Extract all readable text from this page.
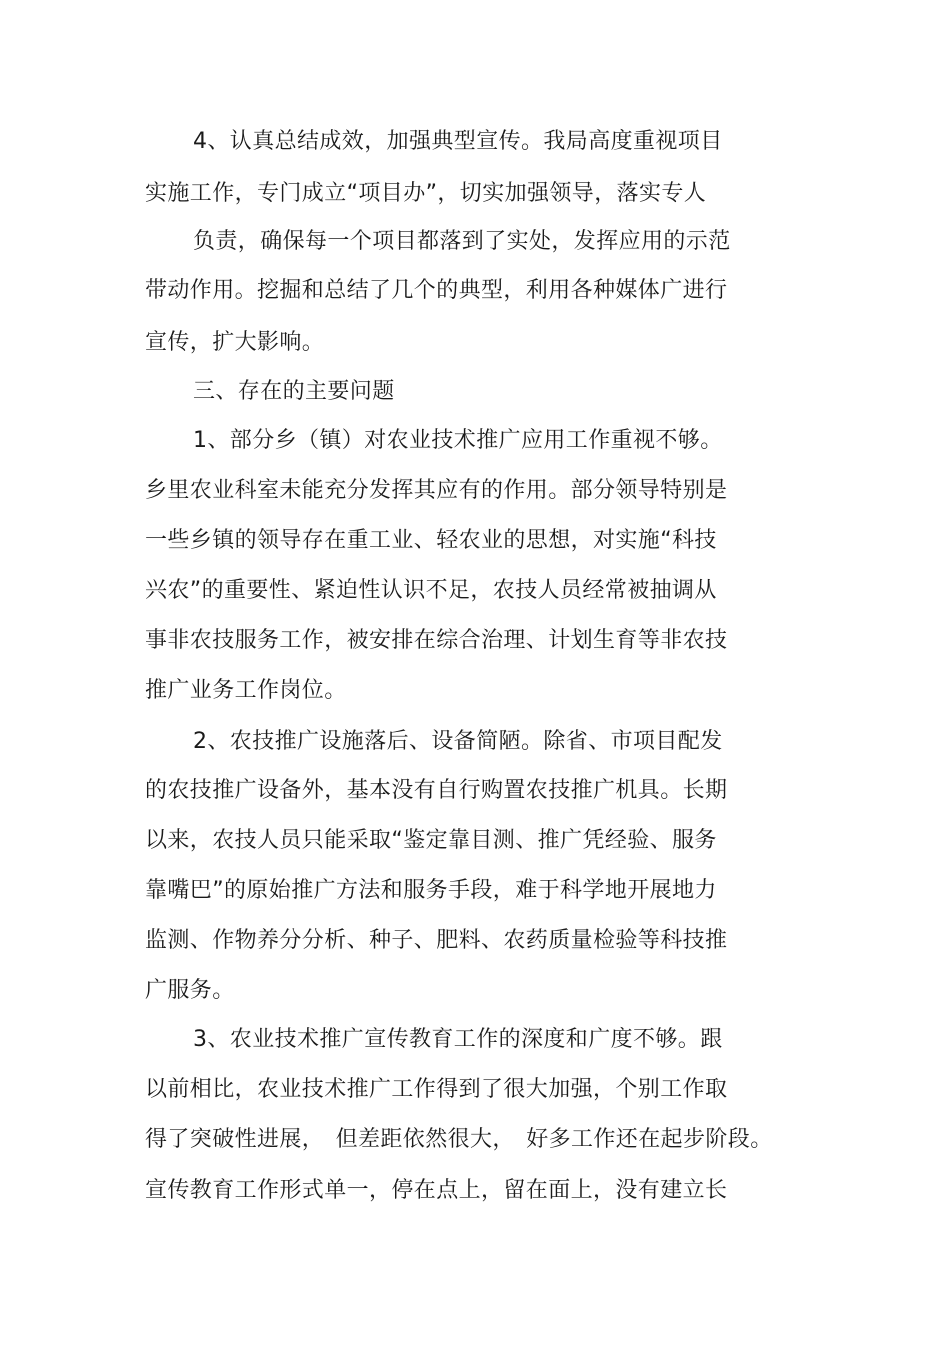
4、认真总结成效，加强典型宣传。我局高度重视项目
实施工作，专门成立“项目办”，切实加强领导，落实专人
负责，确保每一个项目都落到了实处，发挥应用的示范
带动作用。挖掘和总结了几个的典型，利用各种媒体广进行
宣传，扩大影响。
三、存在的主要问题
1、部分乡（镇）对农业技术推广应用工作重视不够。
乡里农业科室未能充分发挥其应有的作用。部分领导特别是
一些乡镇的领导存在重工业、轻农业的思想，对实施“科技
兴农”的重要性、紧迫性认识不足，农技人员经常被抽调从
事非农技服务工作，被安排在综合治理、计划生育等非农技
推广业务工作岗位。
2、农技推广设施落后、设备简陋。除省、市项目配发
的农技推广设备外，基本没有自行购置农技推广机具。长期
以来，农技人员只能采取“鉴定靠目测、推广凭经验、服务
靠嘴巴”的原始推广方法和服务手段，难于科学地开展地力
监测、作物养分分析、种子、肥料、农药质量检验等科技推
广服务。
3、农业技术推广宣传教育工作的深度和广度不够。跟
以前相比，农业技术推广工作得到了很大加强，个别工作取
得了突破性进展，　但差距依然很大，　好多工作还在起步阶段。
宣传教育工作形式单一，停在点上，留在面上，没有建立长
